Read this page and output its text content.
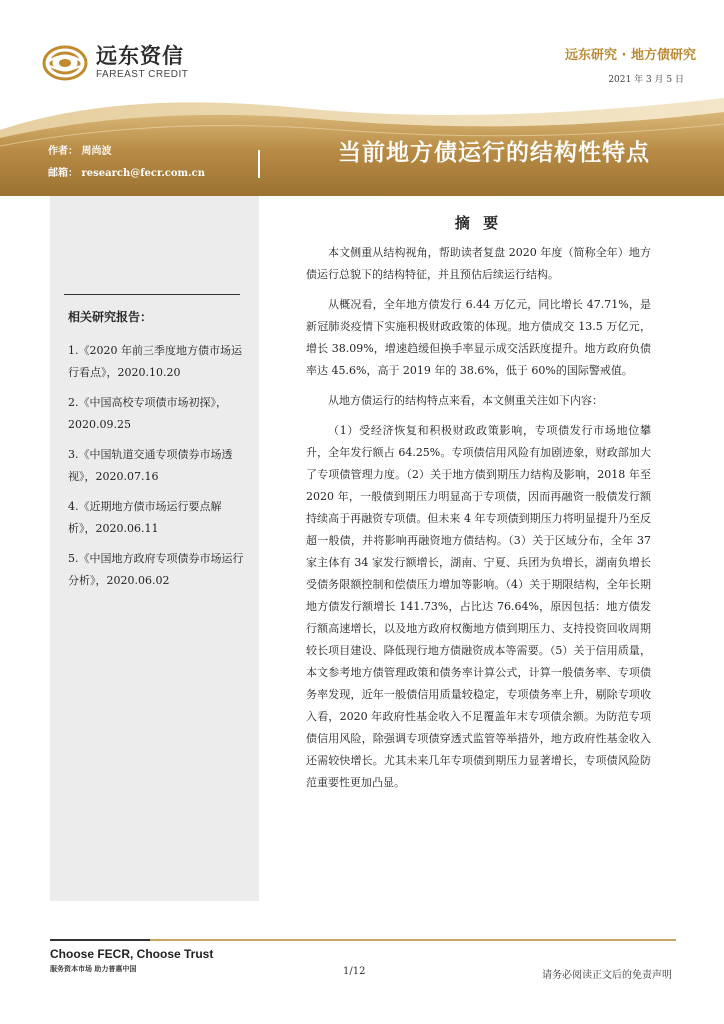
远东资信
FAREAST CREDIT
远东研究 · 地方债研究
2021 年 3 月 5 日
作者： 周尚波
邮箱： research@fecr.com.cn
当前地方债运行的结构性特点
相关研究报告：
1.《2020 年前三季度地方债市场运行看点》，2020.10.20
2.《中国高校专项债市场初探》，2020.09.25
3.《中国轨道交通专项债券市场透视》，2020.07.16
4.《近期地方债市场运行要点解析》，2020.06.11
5.《中国地方政府专项债券市场运行分析》，2020.06.02
摘 要

本文侧重从结构视角，帮助读者复盘 2020 年度（简称全年）地方债运行总貌下的结构特征，并且预估后续运行结构。

从概况看，全年地方债发行 6.44 万亿元，同比增长 47.71%，是新冠肺炎疫情下实施积极财政政策的体现。地方债成交 13.5 万亿元，增长 38.09%，增速趋缓但换手率显示成交活跃度提升。地方政府负债率达 45.6%，高于 2019 年的 38.6%，低于 60%的国际警戒值。

从地方债运行的结构特点来看，本文侧重关注如下内容：

（1）受经济恢复和积极财政政策影响，专项债发行市场地位攀升，全年发行额占 64.25%。专项债信用风险有加剧迹象，财政部加大了专项债管理力度。（2）关于地方债到期压力结构及影响，2018 年至 2020 年，一般债到期压力明显高于专项债，因而再融资一般债发行额持续高于再融资专项债。但未来 4 年专项债到期压力将明显提升乃至反超一般债，并将影响再融资地方债结构。（3）关于区域分布，全年 37 家主体有 34 家发行额增长，湖南、宁夏、兵团为负增长，湖南负增长受债务限额控制和偿债压力增加等影响。（4）关于期限结构，全年长期地方债发行额增长 141.73%，占比达 76.64%，原因包括：地方债发行额高速增长，以及地方政府权衡地方债到期压力、支持投资回收周期较长项目建设、降低现行地方债融资成本等需要。（5）关于信用质量，本文参考地方债管理政策和债务率计算公式，计算一般债务率、专项债务率发现，近年一般债信用质量较稳定，专项债务率上升，剔除专项收入看，2020 年政府性基金收入不足覆盖年末专项债余额。为防范专项债信用风险，除强调专项债穿透式监管等举措外，地方政府性基金收入还需较快增长。尤其未来几年专项债到期压力显著增长，专项债风险防范重要性更加凸显。

Choose FECR, Choose Trust
服务资本市场 助力普惠中国	1/12	请务必阅读正文后的免责声明
